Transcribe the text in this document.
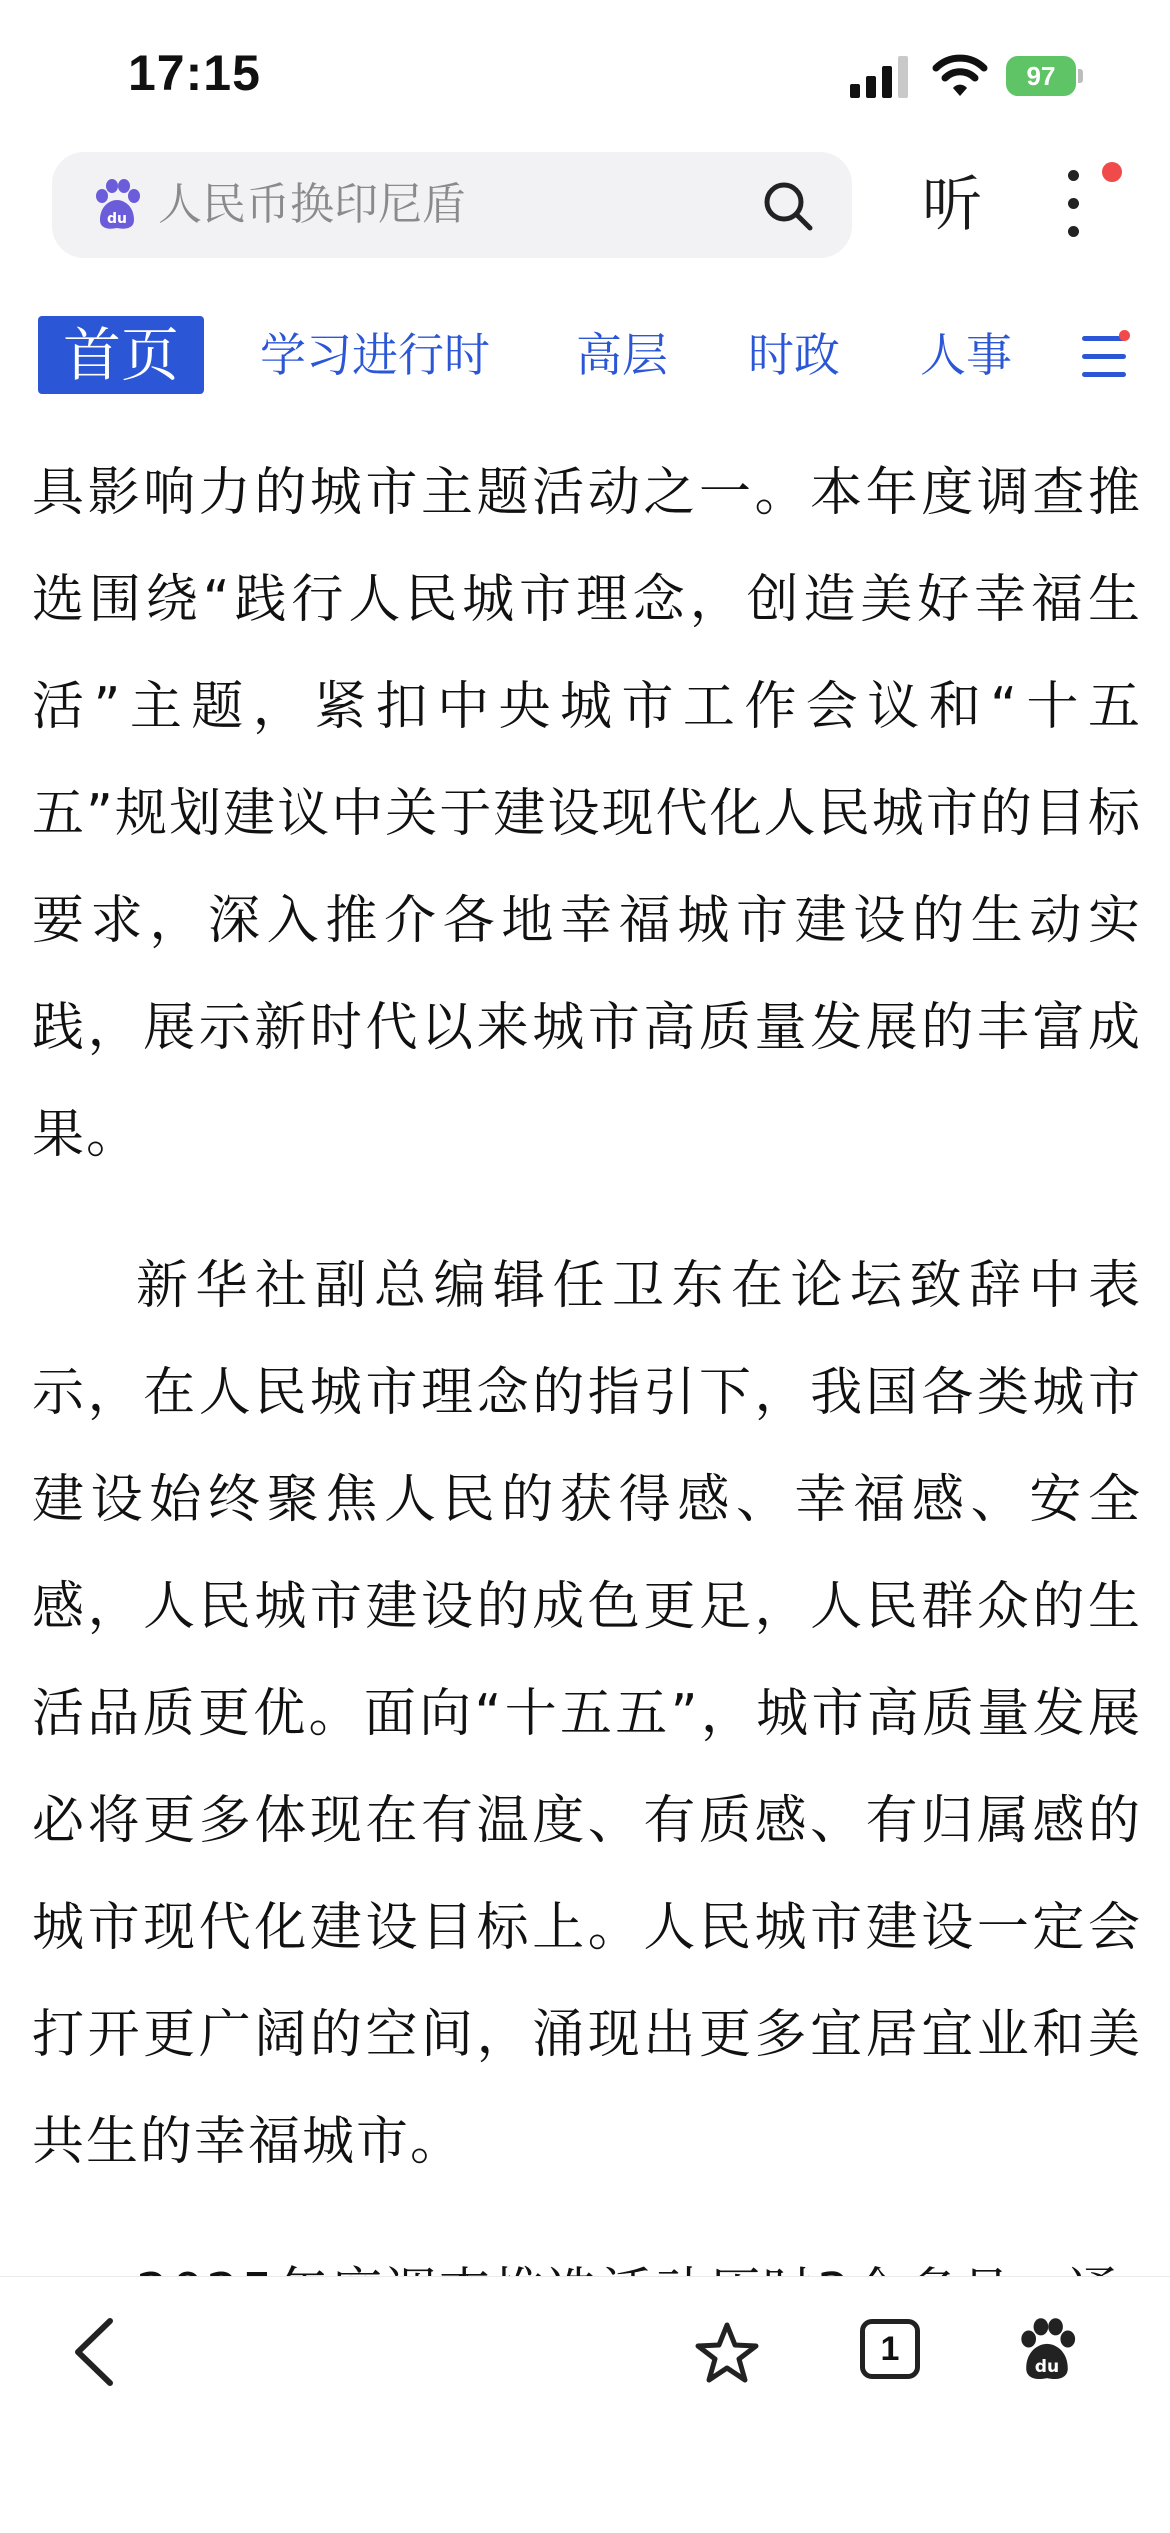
17:15	97
du 人民币换印尼盾	听
首页	学习进行时 高层 时政 人事

具影响力的城市主题活动之一。本年度调查推选围绕“践行人民城市理念，创造美好幸福生活”主题，紧扣中央城市工作会议和“十五五”规划建议中关于建设现代化人民城市的目标要求，深入推介各地幸福城市建设的生动实践，展示新时代以来城市高质量发展的丰富成果。

新华社副总编辑任卫东在论坛致辞中表示，在人民城市理念的指引下，我国各类城市建设始终聚焦人民的获得感、幸福感、安全感，人民城市建设的成色更足，人民群众的生活品质更优。面向“十五五”，城市高质量发展必将更多体现在有温度、有质感、有归属感的城市现代化建设目标上。人民城市建设一定会打开更广阔的空间，涌现出更多宜居宜业和美共生的幸福城市。

1	du
